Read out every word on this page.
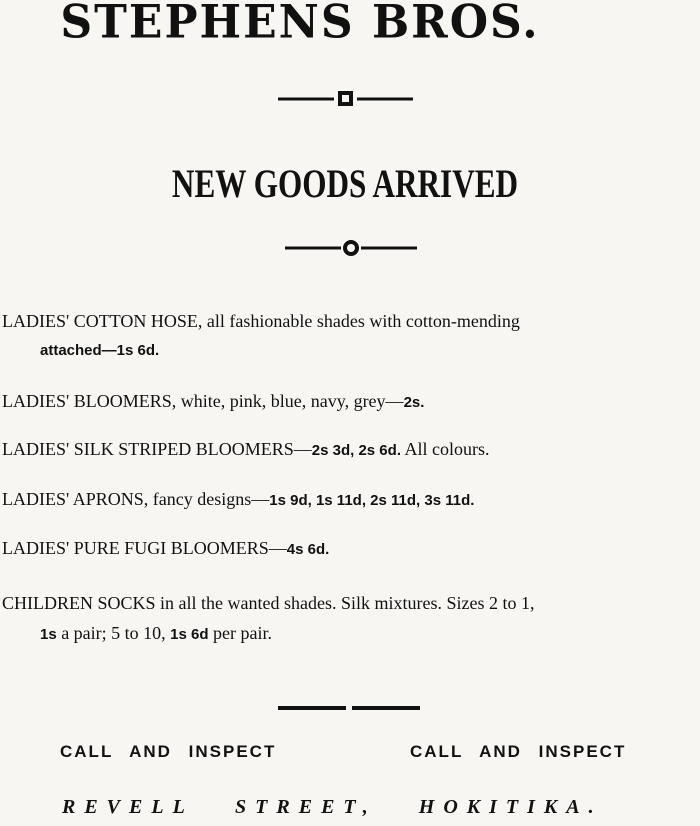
STEPHENS BROS.
NEW GOODS ARRIVED
LADIES' COTTON HOSE, all fashionable shades with cotton-mending
attached—1s 6d.
LADIES' BLOOMERS, white, pink, blue, navy, grey—2s.
LADIES' SILK STRIPED BLOOMERS—2s 3d, 2s 6d. All colours.
LADIES' APRONS, fancy designs—1s 9d, 1s 11d, 2s 11d, 3s 11d.
LADIES' PURE FUGI BLOOMERS—4s 6d.
CHILDREN SOCKS in all the wanted shades. Silk mixtures. Sizes 2 to 1,
1s a pair; 5 to 10, 1s 6d per pair.
CALL AND INSPECT	CALL AND INSPECT
REVELL STREET, HOKITIKA.
